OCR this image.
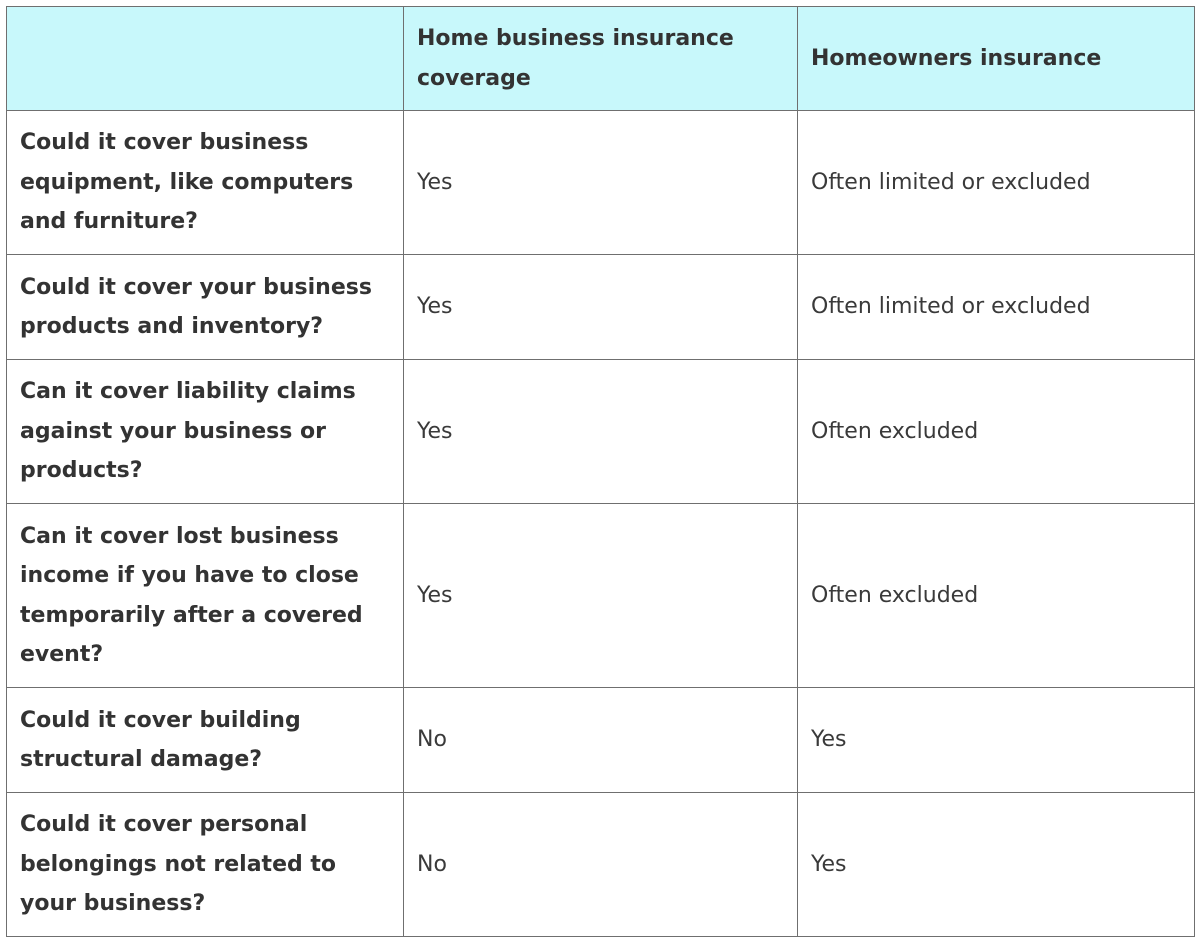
	Home business insurance coverage	Homeowners insurance
Could it cover business equipment, like computers and furniture?	Yes	Often limited or excluded
Could it cover your business products and inventory?	Yes	Often limited or excluded
Can it cover liability claims against your business or products?	Yes	Often excluded
Can it cover lost business income if you have to close temporarily after a covered event?	Yes	Often excluded
Could it cover building structural damage?	No	Yes
Could it cover personal belongings not related to your business?	No	Yes
